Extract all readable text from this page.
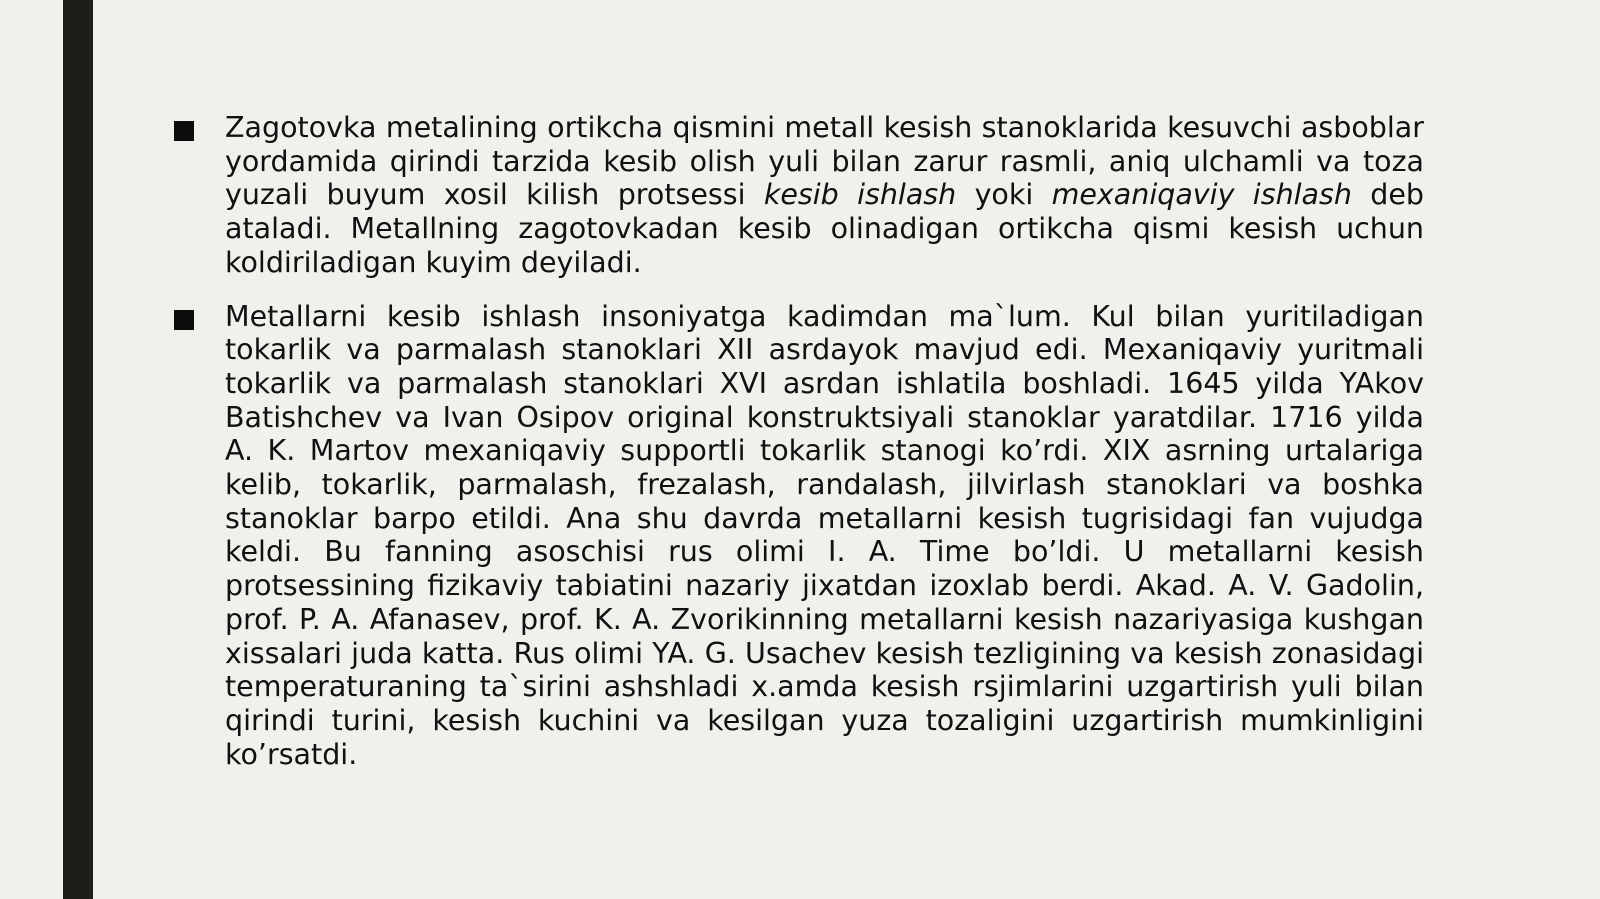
Zagotovka metalining ortikcha qismini metall kesish stanoklarida kesuvchi asboblar yordamida qirindi tarzida kesib olish yuli bilan zarur rasmli, aniq ulchamli va toza yuzali buyum xosil kilish protsessi kesib ishlash yoki mexaniqaviy ishlash deb ataladi. Metallning zagotovkadan kesib olinadigan ortikcha qismi kesish uchun koldiriladigan kuyim deyiladi.

Metallarni kesib ishlash insoniyatga kadimdan ma`lum. Kul bilan yuritiladigan tokarlik va parmalash stanoklari XII asrdayok mavjud edi. Mexaniqaviy yuritmali tokarlik va parmalash stanoklari XVI asrdan ishlatila boshladi. 1645 yilda YAkov Batishchev va Ivan Osipov original konstruktsiyali stanoklar yaratdilar. 1716 yilda A. K. Martov mexaniqaviy supportli tokarlik stanogi ko’rdi. XIX asrning urtalariga kelib, tokarlik, parmalash, frezalash, randalash, jilvirlash stanoklari va boshka stanoklar barpo etildi. Ana shu davrda metallarni kesish tugrisidagi fan vujudga keldi. Bu fanning asoschisi rus olimi I. A. Time bo’ldi. U metallarni kesish protsessining fizikaviy tabiatini nazariy jixatdan izoxlab berdi. Akad. A. V. Gadolin, prof. P. A. Afanasev, prof. K. A. Zvorikinning metallarni kesish nazariyasiga kushgan xissalari juda katta. Rus olimi YA. G. Usachev kesish tezligining va kesish zonasidagi temperaturaning ta`sirini ashshladi x.amda kesish rsjimlarini uzgartirish yuli bilan qirindi turini, kesish kuchini va kesilgan yuza tozaligini uzgartirish mumkinligini ko’rsatdi.
